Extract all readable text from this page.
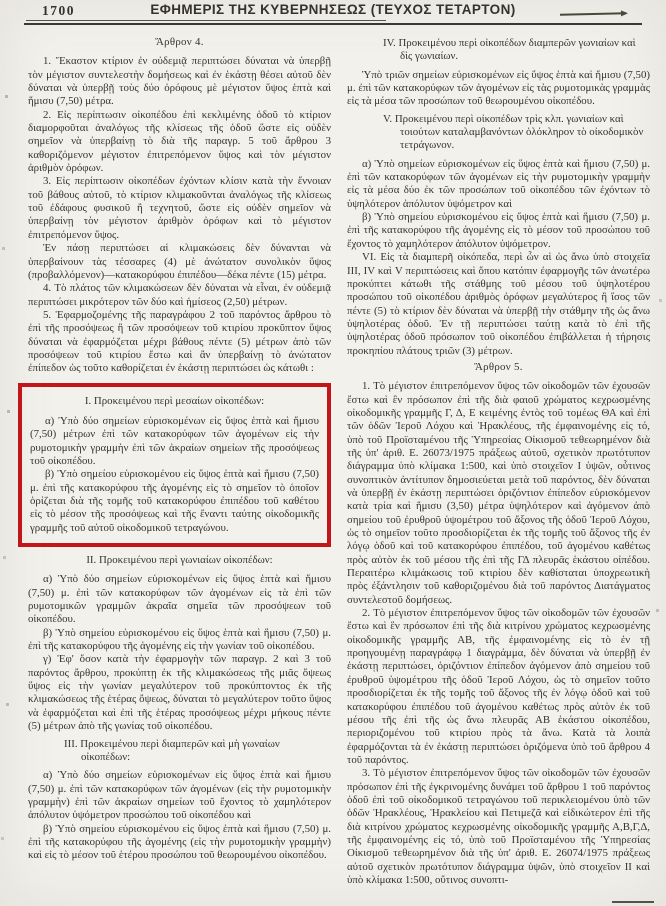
1700	ΕΦΗΜΕΡΙΣ ΤΗΣ ΚΥΒΕΡΝΗΣΕΩΣ (ΤΕΥΧΟΣ ΤΕΤΑΡΤΟΝ)
Ἄρθρον 4.

1. Ἕκαστον κτίριον ἐν οὐδεμιᾷ περιπτώσει δύναται νὰ ὑπερβῇ τὸν μέγιστον συντελεστὴν δομήσεως καὶ ἐν ἑκάστῃ θέσει αὐτοῦ δὲν δύναται νὰ ὑπερβῇ τοὺς δύο ὀρόφους μὲ μέγιστον ὕψος ἑπτὰ καὶ ἥμισυ (7,50) μέτρα.

2. Εἰς περίπτωσιν οἰκοπέδου ἐπὶ κεκλιμένης ὁδοῦ τὸ κτίριον διαμορφοῦται ἀναλόγως τῆς κλίσεως τῆς ὁδοῦ ὥστε εἰς οὐδὲν σημεῖον νὰ ὑπερβαίνῃ τὸ διὰ τῆς παραγρ. 5 τοῦ ἄρθρου 3 καθοριζόμενον μέγιστον ἐπιτρεπόμενον ὕψος καὶ τὸν μέγιστον ἀριθμὸν ὀρόφων.

3. Εἰς περίπτωσιν οἰκοπέδων ἐχόντων κλίσιν κατὰ τὴν ἔννοιαν τοῦ βάθους αὐτοῦ, τὸ κτίριον κλιμακοῦνται ἀναλόγως τῆς κλίσεως τοῦ ἐδάφους φυσικοῦ ἢ τεχνητοῦ, ὥστε εἰς οὐδὲν σημεῖον νὰ ὑπερβαίνῃ τὸν μέγιστον ἀριθμὸν ὀρόφων καὶ τὸ μέγιστον ἐπιτρεπόμενον ὕψος.

Ἐν πάσῃ περιπτώσει αἱ κλιμακώσεις δὲν δύνανται νὰ ὑπερβαίνουν τὰς τέσσαρες (4) μὲ ἀνώτατον συνολικὸν ὕψος (προβαλλόμενον)—κατακορύφου ἐπιπέδου—δέκα πέντε (15) μέτρα.

4. Τὸ πλάτος τῶν κλιμακώσεων δὲν δύναται νὰ εἶναι, ἐν οὐδεμιᾷ περιπτώσει μικρότερον τῶν δύο καὶ ἡμίσεος (2,50) μέτρων.

5. Ἐφαρμοζομένης τῆς παραγράφου 2 τοῦ παρόντος ἄρθρου τὸ ἐπὶ τῆς προσόψεως ἢ τῶν προσόψεων τοῦ κτιρίου προκῦπτον ὕψος δύναται νὰ ἐφαρμόζεται μέχρι βάθους πέντε (5) μέτρων ἀπὸ τῶν προσόψεων τοῦ κτιρίου ἔστω καὶ ἂν ὑπερβαίνῃ τὸ ἀνώτατον ἐπίπεδον ὡς τοῦτο καθορίζεται ἐν ἑκάστῃ περιπτώσει ὡς κάτωθι :

I. Προκειμένου περὶ μεσαίων οἰκοπέδων:

α) Ὑπὸ δύο σημείων εὑρισκομένων εἰς ὕψος ἑπτὰ καὶ ἥμισυ (7,50) μέτρων ἐπὶ τῶν κατακορύφων τῶν ἀγομένων εἰς τὴν ρυμοτομικὴν γραμμὴν ἐπὶ τῶν ἀκραίων σημείων τῆς προσόψεως τοῦ οἰκοπέδου.

β) Ὑπὸ σημείου εὑρισκομένου εἰς ὕψος ἑπτὰ καὶ ἥμισυ (7,50) μ. ἐπὶ τῆς κατακορύφου τῆς ἀγομένης εἰς τὸ σημεῖον τὸ ὁποῖον ὁρίζεται διὰ τῆς τομῆς τοῦ κατακορύφου ἐπιπέδου τοῦ καθέτου εἰς τὸ μέσον τῆς προσόψεως καὶ τῆς ἔναντι ταύτης οἰκοδομικῆς γραμμῆς τοῦ αὐτοῦ οἰκοδομικοῦ τετραγώνου.

II. Προκειμένου περὶ γωνιαίων οἰκοπέδων:

α) Ὑπὸ δύο σημείων εὑρισκομένων εἰς ὕψος ἑπτὰ καὶ ἥμισυ (7,50) μ. ἐπὶ τῶν κατακορύφων τῶν ἀγομένων εἰς τὰ ἐπὶ τῶν ρυμοτομικῶν γραμμῶν ἀκραῖα σημεῖα τῶν προσόψεων τοῦ οἰκοπέδου.

β) Ὑπὸ σημείου εὑρισκομένου εἰς ὕψος ἑπτὰ καὶ ἥμισυ (7,50) μ. ἐπὶ τῆς κατακορύφου τῆς ἀγομένης εἰς τὴν γωνίαν τοῦ οἰκοπέδου.

γ) Ἐφ' ὅσον κατὰ τὴν ἐφαρμογὴν τῶν παραγρ. 2 καὶ 3 τοῦ παρόντος ἄρθρου, προκύπτῃ ἐκ τῆς κλιμακώσεως τῆς μιᾶς ὄψεως ὕψος εἰς τὴν γωνίαν μεγαλύτερον τοῦ προκύπτοντος ἐκ τῆς κλιμακώσεως τῆς ἑτέρας ὄψεως, δύναται τὸ μεγαλύτερον τοῦτο ὕψος νὰ ἐφαρμόζεται καὶ ἐπὶ τῆς ἑτέρας προσόψεως μέχρι μήκους πέντε (5) μέτρων ἀπὸ τῆς γωνίας τοῦ οἰκοπέδου.

III. Προκειμένου περὶ διαμπερῶν καὶ μὴ γωναίων οἰκοπέδων:

α) Ὑπὸ δύο σημείων εὑρισκομένων εἰς ὕψος ἑπτὰ καὶ ἥμισυ (7,50) μ. ἐπὶ τῶν κατακορύφων τῶν ἀγομένων (εἰς τὴν ρυμοτομικὴν γραμμὴν) ἐπὶ τῶν ἀκραίων σημείων τοῦ ἔχοντος τὸ χαμηλότερον ἀπόλυτον ὑψόμετρον προσώπου τοῦ οἰκοπέδου καὶ

β) Ὑπὸ σημείου εὑρισκομένου εἰς ὕψος ἑπτὰ καὶ ἥμισυ (7,50) μ. ἐπὶ τῆς κατακορύφου τῆς ἀγομένης (εἰς τὴν ρυμοτομικὴν γραμμὴν) καὶ εἰς τὸ μέσον τοῦ ἑτέρου προσώπου τοῦ θεωρουμένου οἰκοπέδου.

IV. Προκειμένου περὶ οἰκοπέδων διαμπερῶν γωνιαίων καὶ δὶς γωνιαίων.

Ὑπὸ τριῶν σημείων εὑρισκομένων εἰς ὕψος ἑπτὰ καὶ ἥμισυ (7,50) μ. ἐπὶ τῶν κατακορύφων τῶν ἀγομένων εἰς τὰς ρυμοτομικὰς γραμμὰς εἰς τὰ μέσα τῶν προσώπων τοῦ θεωρουμένου οἰκοπέδου.

V. Προκειμένου περὶ οἰκοπέδων τρὶς κλπ. γωνιαίων καὶ τοιούτων καταλαμβανόντων ὁλόκληρον τὸ οἰκοδομικὸν τετράγωνον.

α) Ὑπὸ σημείων εὑρισκομένων εἰς ὕψος ἑπτὰ καὶ ἥμισυ (7,50) μ. ἐπὶ τῶν κατακορύφων τῶν ἀγομένων εἰς τὴν ρυμοτομικὴν γραμμὴν εἰς τὰ μέσα δύο ἐκ τῶν προσώπων τοῦ οἰκοπέδου τῶν ἐχόντων τὸ ὑψηλότερον ἀπόλυτον ὑψόμετρον καὶ

β) Ὑπὸ σημείου εὑρισκομένου εἰς ὕψος ἑπτὰ καὶ ἥμισυ (7,50) μ. ἐπὶ τῆς κατακορύφου τῆς ἀγομένης εἰς τὸ μέσον τοῦ προσώπου τοῦ ἔχοντος τὸ χαμηλότερον ἀπόλυτον ὑψόμετρον.

VI. Εἰς τὰ διαμπερῆ οἰκόπεδα, περὶ ὧν αἱ ὡς ἄνω ὑπὸ στοιχεῖα III, IV καὶ V περιπτώσεις καὶ ὅπου κατόπιν ἐφαρμογῆς τῶν ἀνωτέρω προκύπτει κάτωθι τῆς στάθμης τοῦ μέσου τοῦ ὑψηλοτέρου προσώπου τοῦ οἰκοπέδου ἀριθμὸς ὀρόφων μεγαλύτερος ἢ ἴσος τῶν πέντε (5) τὸ κτίριον δὲν δύναται νὰ ὑπερβῇ τὴν στάθμην τῆς ὡς ἄνω ὑψηλοτέρας ὁδοῦ. Ἐν τῇ περιπτώσει ταύτῃ κατὰ τὸ ἐπὶ τῆς ὑψηλοτέρας ὁδοῦ πρόσωπον τοῦ οἰκοπέδου ἐπιβάλλεται ἡ τήρησις προκηπίου πλάτους τριῶν (3) μέτρων.

Ἄρθρον 5.

1. Τὸ μέγιστον ἐπιτρεπόμενον ὕψος τῶν οἰκοδομῶν τῶν ἐχουσῶν ἔστω καὶ ἓν πρόσωπον ἐπὶ τῆς διὰ φαιοῦ χρώματος κεχρωσμένης οἰκοδομικῆς γραμμῆς Γ, Δ, Ε κειμένης ἐντὸς τοῦ τομέως ΘΑ καὶ ἐπὶ τῶν ὁδῶν Ἱεροῦ Λόχου καὶ Ἡρακλέους, τῆς ἐμφαινομένης εἰς τό, ὑπὸ τοῦ Προϊσταμένου τῆς Ὑπηρεσίας Οἰκισμοῦ τεθεωρημένον διὰ τῆς ὑπ' ἀριθ. Ε. 26073/1975 πράξεως αὐτοῦ, σχετικὸν πρωτότυπον διάγραμμα ὑπὸ κλίμακα 1:500, καὶ ὑπὸ στοιχεῖον Ι ὑψῶν, οὗτινος συνοπτικὸν ἀντίτυπον δημοσιεύεται μετὰ τοῦ παρόντος, δὲν δύναται νὰ ὑπερβῇ ἐν ἑκάστῃ περιπτώσει ὁριζόντιον ἐπίπεδον εὑρισκόμενον κατὰ τρία καὶ ἥμισυ (3,50) μέτρα ὑψηλότερον καὶ ἀγόμενον ἀπὸ σημείου τοῦ ἐρυθροῦ ὑψομέτρου τοῦ ἄξονος τῆς ὁδοῦ Ἱεροῦ Λόχου, ὡς τὸ σημεῖον τοῦτο προσδιορίζεται ἐκ τῆς τομῆς τοῦ ἄξονος τῆς ἐν λόγῳ ὁδοῦ καὶ τοῦ κατακορύφου ἐπιπέδου, τοῦ ἀγομένου καθέτως πρὸς αὐτὸν ἐκ τοῦ μέσου τῆς ἐπὶ τῆς ΓΔ πλευρᾶς ἑκάστου οἰπέδου. Περαιτέρω κλιμάκωσις τοῦ κτιρίου δὲν καθίσταται ὑποχρεωτικὴ πρὸς ἐξάντλησιν τοῦ καθοριζομένου διὰ τοῦ παρόντος Διατάγματος συντελεστοῦ δομήσεως.

2. Τὸ μέγιστον ἐπιτρεπόμενον ὕψος τῶν οἰκοδομῶν τῶν ἐχουσῶν ἔστω καὶ ἓν πρόσωπον ἐπὶ τῆς διὰ κιτρίνου χρώματος κεχρωσμένης οἰκοδομικῆς γραμμῆς ΑΒ, τῆς ἐμφαινομένης εἰς τὸ ἐν τῇ προηγουμένῃ παραγράφῳ 1 διαγράμμα, δὲν δύναται νὰ ὑπερβῇ ἐν ἑκάστῃ περιπτώσει, ὁριζόντιον ἐπίπεδον ἀγόμενον ἀπὸ σημείου τοῦ ἐρυθροῦ ὑψομέτρου τῆς ὁδοῦ Ἱεροῦ Λόχου, ὡς τὸ σημεῖον τοῦτο προσδιορίζεται ἐκ τῆς τομῆς τοῦ ἄξονος τῆς ἐν λόγῳ ὁδοῦ καὶ τοῦ κατακορύφου ἐπιπέδου τοῦ ἀγομένου καθέτως πρὸς αὐτὸν ἐκ τοῦ μέσου τῆς ἐπὶ τῆς ὡς ἄνω πλευρᾶς ΑΒ ἑκάστου οἰκοπέδου, περιοριζομένου τοῦ κτιρίου πρὸς τὰ ἄνω. Κατὰ τὰ λοιπὰ ἐφαρμόζονται τὰ ἐν ἑκάστῃ περιπτώσει ὁριζόμενα ὑπὸ τοῦ ἄρθρου 4 τοῦ παρόντος.

3. Τὸ μέγιστον ἐπιτρεπόμενον ὕψος τῶν οἰκοδομῶν τῶν ἐχουσῶν πρόσωπον ἐπὶ τῆς ἐγκρινομένης δυνάμει τοῦ ἄρθρου 1 τοῦ παρόντος ὁδοῦ ἐπὶ τοῦ οἰκοδομικοῦ τετραγώνου τοῦ περικλειομένου ὑπὸ τῶν ὁδῶν Ἡρακλέους, Ἡρακλείου καὶ Πετιμεζᾶ καὶ εἰδικώτερον ἐπὶ τῆς διὰ κιτρίνου χρώματος κεχρωσμένης οἰκοδομικῆς γραμμῆς Α,Β,Γ,Δ, τῆς ἐμφαινομένης εἰς τό, ὑπὸ τοῦ Προϊσταμένου τῆς Ὑπηρεσίας Οἰκισμοῦ τεθεωρημένον διὰ τῆς ὑπ' ἀριθ. Ε. 26074/1975 πράξεως αὐτοῦ σχετικὸν πρωτότυπον διάγραμμα ὑψῶν, ὑπὸ στοιχεῖον II καὶ ὑπὸ κλίμακα 1:500, οὕτινος συνοπτι-
